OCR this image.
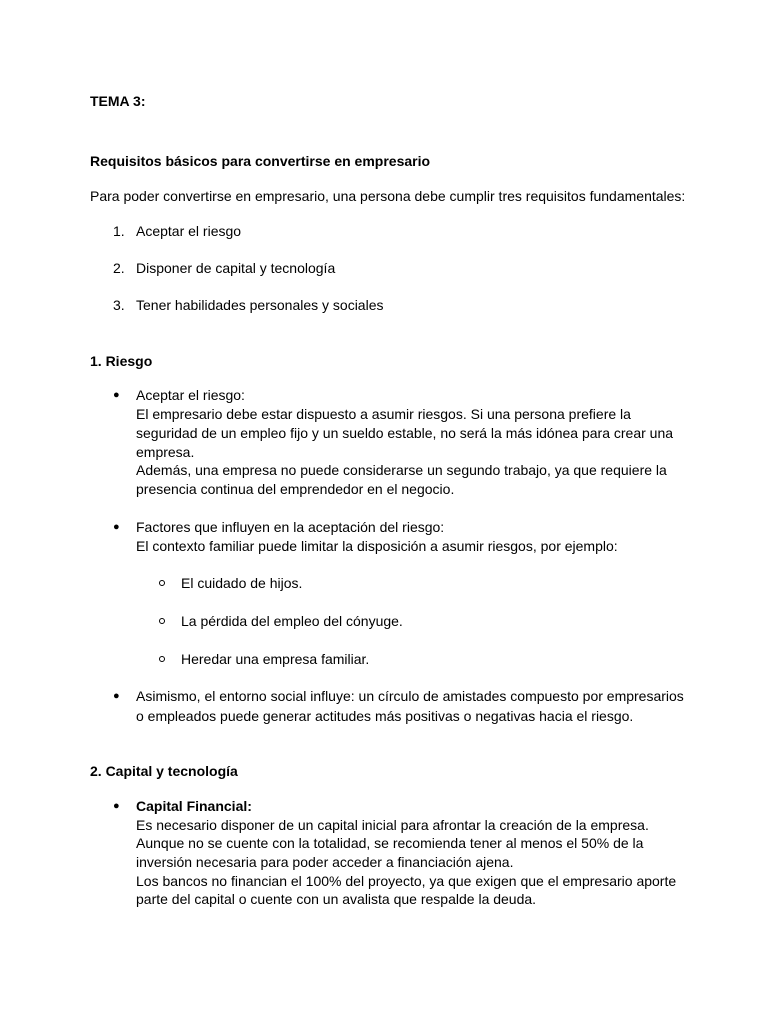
TEMA 3:
Requisitos básicos para convertirse en empresario
Para poder convertirse en empresario, una persona debe cumplir tres requisitos fundamentales:
1. Aceptar el riesgo
2. Disponer de capital y tecnología
3. Tener habilidades personales y sociales
1. Riesgo
● Aceptar el riesgo:
El empresario debe estar dispuesto a asumir riesgos. Si una persona prefiere la
seguridad de un empleo fijo y un sueldo estable, no será la más idónea para crear una
empresa.
Además, una empresa no puede considerarse un segundo trabajo, ya que requiere la
presencia continua del emprendedor en el negocio.
● Factores que influyen en la aceptación del riesgo:
El contexto familiar puede limitar la disposición a asumir riesgos, por ejemplo:
El cuidado de hijos.
La pérdida del empleo del cónyuge.
Heredar una empresa familiar.
● Asimismo, el entorno social influye: un círculo de amistades compuesto por empresarios
o empleados puede generar actitudes más positivas o negativas hacia el riesgo.
2. Capital y tecnología
● Capital Financial:
Es necesario disponer de un capital inicial para afrontar la creación de la empresa.
Aunque no se cuente con la totalidad, se recomienda tener al menos el 50% de la
inversión necesaria para poder acceder a financiación ajena.
Los bancos no financian el 100% del proyecto, ya que exigen que el empresario aporte
parte del capital o cuente con un avalista que respalde la deuda.
